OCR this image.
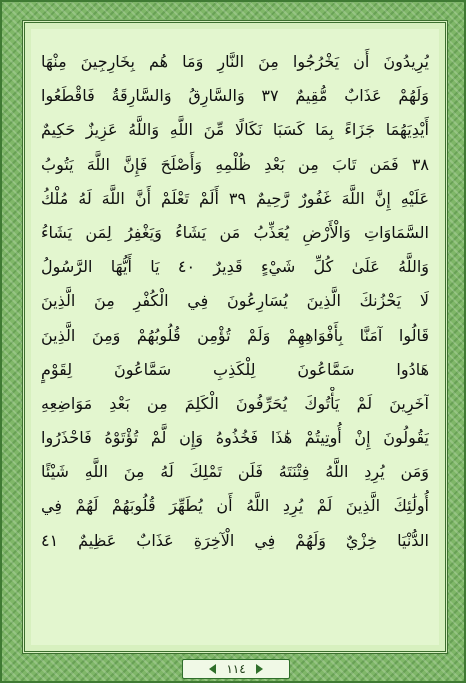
يُرِيدُونَ أَن يَخْرُجُوا مِنَ النَّارِ وَمَا هُم بِخَارِجِينَ مِنْهَا
وَلَهُمْ عَذَابٌ مُّقِيمٌ ٣٧ وَالسَّارِقُ وَالسَّارِقَةُ فَاقْطَعُوا
أَيْدِيَهُمَا جَزَاءً بِمَا كَسَبَا نَكَالًا مِّنَ اللَّهِ وَاللَّهُ عَزِيزٌ حَكِيمٌ
٣٨ فَمَن تَابَ مِن بَعْدِ ظُلْمِهِ وَأَصْلَحَ فَإِنَّ اللَّهَ يَتُوبُ
عَلَيْهِ إِنَّ اللَّهَ غَفُورٌ رَّحِيمٌ ٣٩ أَلَمْ تَعْلَمْ أَنَّ اللَّهَ لَهُ مُلْكُ
السَّمَاوَاتِ وَالْأَرْضِ يُعَذِّبُ مَن يَشَاءُ وَيَغْفِرُ لِمَن يَشَاءُ
وَاللَّهُ عَلَىٰ كُلِّ شَيْءٍ قَدِيرٌ ٤٠ يَا أَيُّهَا الرَّسُولُ
لَا يَحْزُنكَ الَّذِينَ يُسَارِعُونَ فِي الْكُفْرِ مِنَ الَّذِينَ
قَالُوا آمَنَّا بِأَفْوَاهِهِمْ وَلَمْ تُؤْمِن قُلُوبُهُمْ وَمِنَ الَّذِينَ
هَادُوا سَمَّاعُونَ لِلْكَذِبِ سَمَّاعُونَ لِقَوْمٍ
آخَرِينَ لَمْ يَأْتُوكَ يُحَرِّفُونَ الْكَلِمَ مِن بَعْدِ مَوَاضِعِهِ
يَقُولُونَ إِنْ أُوتِيتُمْ هَٰذَا فَخُذُوهُ وَإِن لَّمْ تُؤْتَوْهُ فَاحْذَرُوا
وَمَن يُرِدِ اللَّهُ فِتْنَتَهُ فَلَن تَمْلِكَ لَهُ مِنَ اللَّهِ شَيْئًا
أُولَٰئِكَ الَّذِينَ لَمْ يُرِدِ اللَّهُ أَن يُطَهِّرَ قُلُوبَهُمْ لَهُمْ فِي
الدُّنْيَا خِزْيٌ وَلَهُمْ فِي الْآخِرَةِ عَذَابٌ عَظِيمٌ ٤١
١١٤
